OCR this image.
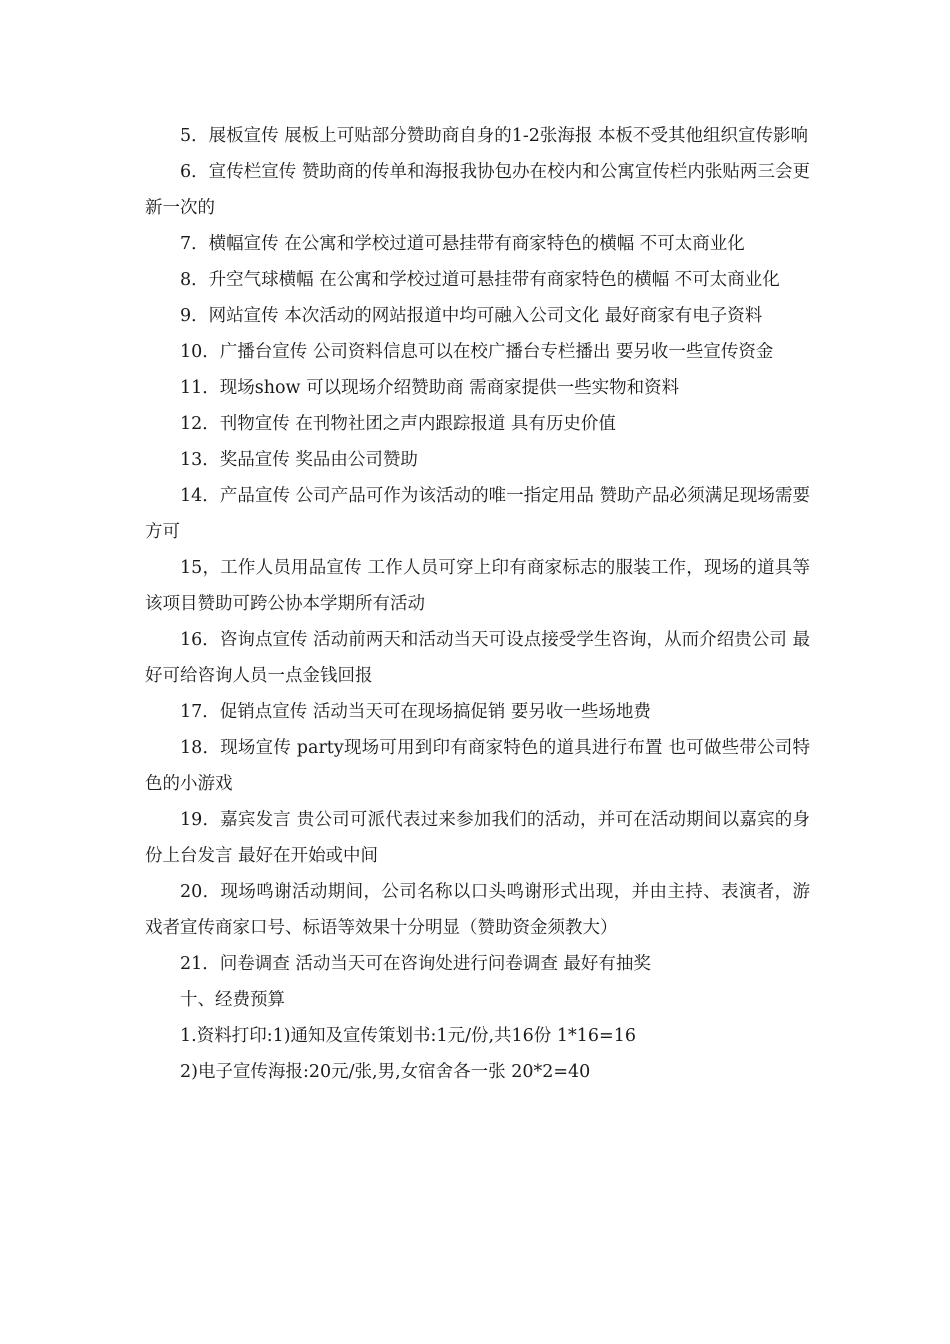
5．展板宣传 展板上可贴部分赞助商自身的1-2张海报 本板不受其他组织宣传影响

6．宣传栏宣传 赞助商的传单和海报我协包办在校内和公寓宣传栏内张贴两三会更新一次的

7．横幅宣传 在公寓和学校过道可悬挂带有商家特色的横幅 不可太商业化

8．升空气球横幅 在公寓和学校过道可悬挂带有商家特色的横幅 不可太商业化

9．网站宣传 本次活动的网站报道中均可融入公司文化 最好商家有电子资料

10．广播台宣传 公司资料信息可以在校广播台专栏播出 要另收一些宣传资金

11．现场show 可以现场介绍赞助商 需商家提供一些实物和资料

12．刊物宣传 在刊物社团之声内跟踪报道 具有历史价值

13．奖品宣传 奖品由公司赞助

14．产品宣传 公司产品可作为该活动的唯一指定用品 赞助产品必须满足现场需要方可

15，工作人员用品宣传 工作人员可穿上印有商家标志的服装工作，现场的道具等 该项目赞助可跨公协本学期所有活动

16．咨询点宣传 活动前两天和活动当天可设点接受学生咨询，从而介绍贵公司 最好可给咨询人员一点金钱回报

17．促销点宣传 活动当天可在现场搞促销 要另收一些场地费

18．现场宣传 party现场可用到印有商家特色的道具进行布置 也可做些带公司特色的小游戏

19．嘉宾发言 贵公司可派代表过来参加我们的活动，并可在活动期间以嘉宾的身份上台发言 最好在开始或中间

20．现场鸣谢活动期间，公司名称以口头鸣谢形式出现，并由主持、表演者，游戏者宣传商家口号、标语等效果十分明显（赞助资金须教大）

21．问卷调查 活动当天可在咨询处进行问卷调查 最好有抽奖

十、经费预算

1.资料打印:1)通知及宣传策划书:1元/份,共16份 1*16=16

2)电子宣传海报:20元/张,男,女宿舍各一张 20*2=40
